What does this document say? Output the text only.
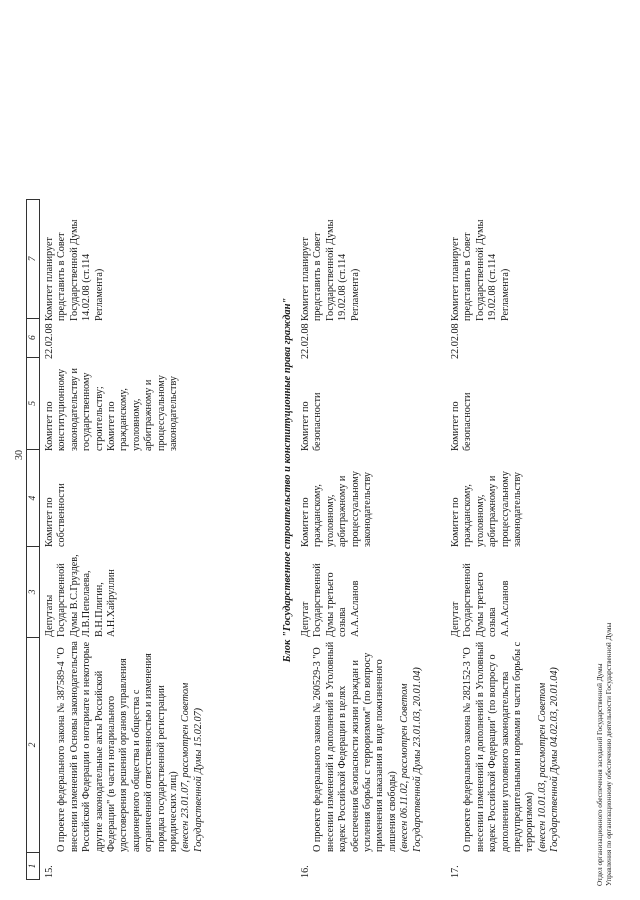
30
1
2
3
4
5
6
7
15.

О проекте федерального закона № 387589-4 "О внесении изменений в Основы законодательства Российской Федерации о нотариате и некоторые другие законодательные акты Российской Федерации" (в части нотариального удостоверения решений органов управления акционерного общества и общества с ограниченной ответственностью и изменения порядка государственной регистрации юридических лиц)
(внесен 23.01.07, рассмотрен Советом Государственной Думы 15.02.07)

Депутаты Государственной Думы В.С.Груздев, Л.В.Пепелаева, В.Н.Плигин, А.Н.Хайруллин
Комитет по собственности
Комитет по конституционному законодательству и государственному строительству; Комитет по гражданскому, уголовному, арбитражному и процессуальному законодательству
22.02.08
Комитет планирует представить в Совет Государственной Думы 14.02.08 (ст.114 Регламента)
Блок "Государственное строительство и конституционные права граждан"
16.

О проекте федерального закона № 260529-3 "О внесении изменений и дополнений в Уголовный кодекс Российской Федерации в целях обеспечения безопасности жизни граждан и усиления борьбы с терроризмом" (по вопросу применения наказания в виде пожизненного лишения свободы)
(внесен 06.11.02, рассмотрен Советом Государственной Думы 23.01.03, 20.01.04)

Депутат Государственной Думы третьего созыва А.А.Асланов
Комитет по гражданскому, уголовному, арбитражному и процессуальному законодательству
Комитет по безопасности
22.02.08
Комитет планирует представить в Совет Государственной Думы 19.02.08 (ст.114 Регламента)
17.

О проекте федерального закона № 282152-3 "О внесении изменений и дополнений в Уголовный кодекс Российской Федерации" (по вопросу о дополнении уголовного законодательства предупредительными нормами в части борьбы с терроризмом)
(внесен 10.01.03, рассмотрен Советом Государственной Думы 04.02.03, 20.01.04)

Депутат Государственной Думы третьего созыва А.А.Асланов
Комитет по гражданскому, уголовному, арбитражному и процессуальному законодательству
Комитет по безопасности
22.02.08
Комитет планирует представить в Совет Государственной Думы 19.02.08 (ст.114 Регламента)
Отдел организационного обеспечения заседаний Государственной Думы Управления по организационному обеспечению деятельности Государственной Думы
